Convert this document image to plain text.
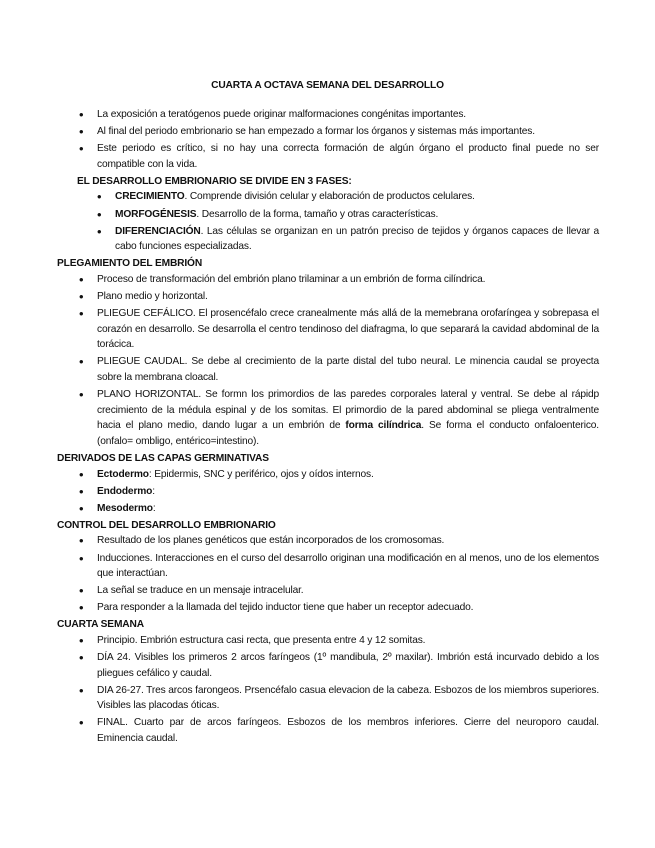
CUARTA A OCTAVA SEMANA DEL DESARROLLO
• La exposición a teratógenos puede originar malformaciones congénitas importantes.
• Al final del periodo embrionario se han empezado a formar los órganos y sistemas más importantes.
• Este periodo es crítico, si no hay una correcta formación de algún órgano el producto final puede no ser compatible con la vida.
EL DESARROLLO EMBRIONARIO SE DIVIDE EN 3 FASES:
• CRECIMIENTO. Comprende división celular y elaboración de productos celulares.
• MORFOGÉNESIS. Desarrollo de la forma, tamaño y otras características.
• DIFERENCIACIÓN. Las células se organizan en un patrón preciso de tejidos y órganos capaces de llevar a cabo funciones especializadas.
PLEGAMIENTO DEL EMBRIÓN
• Proceso de transformación del embrión plano trilaminar a un embrión de forma cilíndrica.
• Plano medio y horizontal.
• PLIEGUE CEFÁLICO. El prosencéfalo crece cranealmente más allá de la memebrana orofaríngea y sobrepasa el corazón en desarrollo. Se desarrolla el centro tendinoso del diafragma, lo que separará la cavidad abdominal de la torácica.
• PLIEGUE CAUDAL. Se debe al crecimiento de la parte distal del tubo neural. Le minencia caudal se proyecta sobre la membrana cloacal.
• PLANO HORIZONTAL. Se formn los primordios de las paredes corporales lateral y ventral. Se debe al rápidp crecimiento de la médula espinal y de los somitas. El primordio de la pared abdominal se pliega ventralmente hacia el plano medio, dando lugar a un embrión de forma cilíndrica. Se forma el conducto onfaloenterico. (onfalo= ombligo, entérico=intestino).
DERIVADOS DE LAS CAPAS GERMINATIVAS
• Ectodermo: Epidermis, SNC y periférico, ojos y oídos internos.
• Endodermo:
• Mesodermo:
CONTROL DEL DESARROLLO EMBRIONARIO
• Resultado de los planes genéticos que están incorporados de los cromosomas.
• Inducciones. Interacciones en el curso del desarrollo originan una modificación en al menos, uno de los elementos que interactúan.
• La señal se traduce en un mensaje intracelular.
• Para responder a la llamada del tejido inductor tiene que haber un receptor adecuado.
CUARTA SEMANA
• Principio. Embrión estructura casi recta, que presenta entre 4 y 12 somitas.
• DÍA 24. Visibles los primeros 2 arcos faríngeos (1º mandibula, 2º maxilar). Imbrión está incurvado debido a los pliegues cefálico y caudal.
• DIA 26-27. Tres arcos farongeos. Prsencéfalo casua elevacion de la cabeza. Esbozos de los miembros superiores. Visibles las placodas óticas.
• FINAL. Cuarto par de arcos faríngeos. Esbozos de los membros inferiores. Cierre del neuroporo caudal. Eminencia caudal.
